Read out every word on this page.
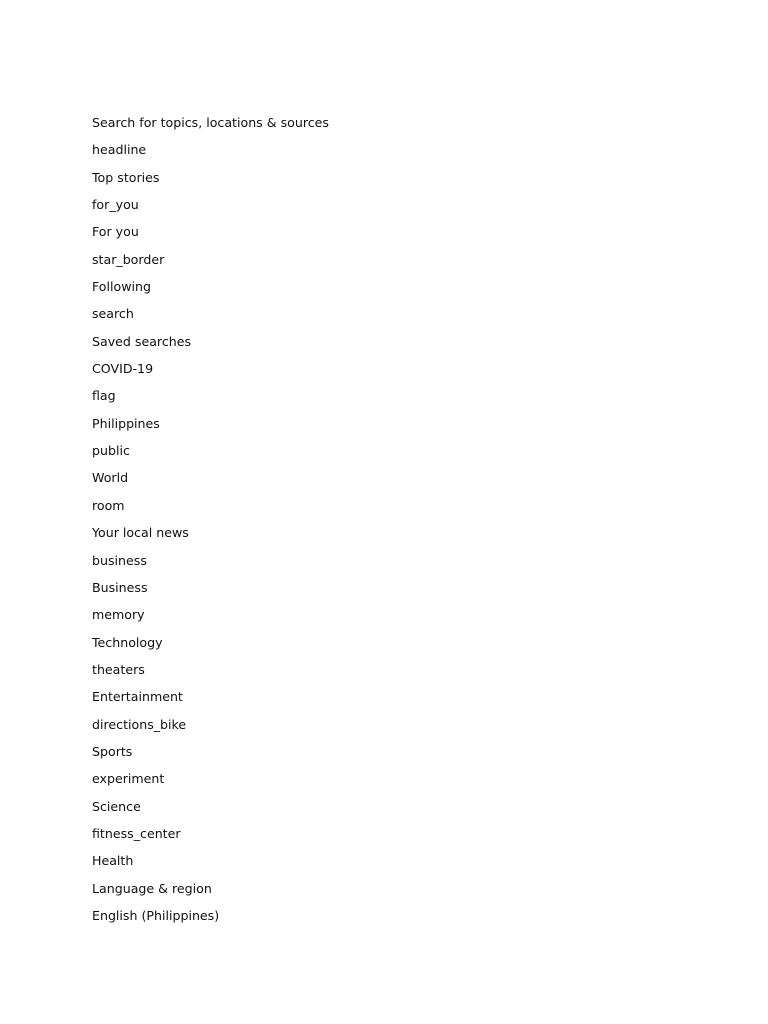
Search for topics, locations & sources
headline
Top stories
for_you
For you
star_border
Following
search
Saved searches
COVID-19
flag
Philippines
public
World
room
Your local news
business
Business
memory
Technology
theaters
Entertainment
directions_bike
Sports
experiment
Science
fitness_center
Health
Language & region
English (Philippines)
